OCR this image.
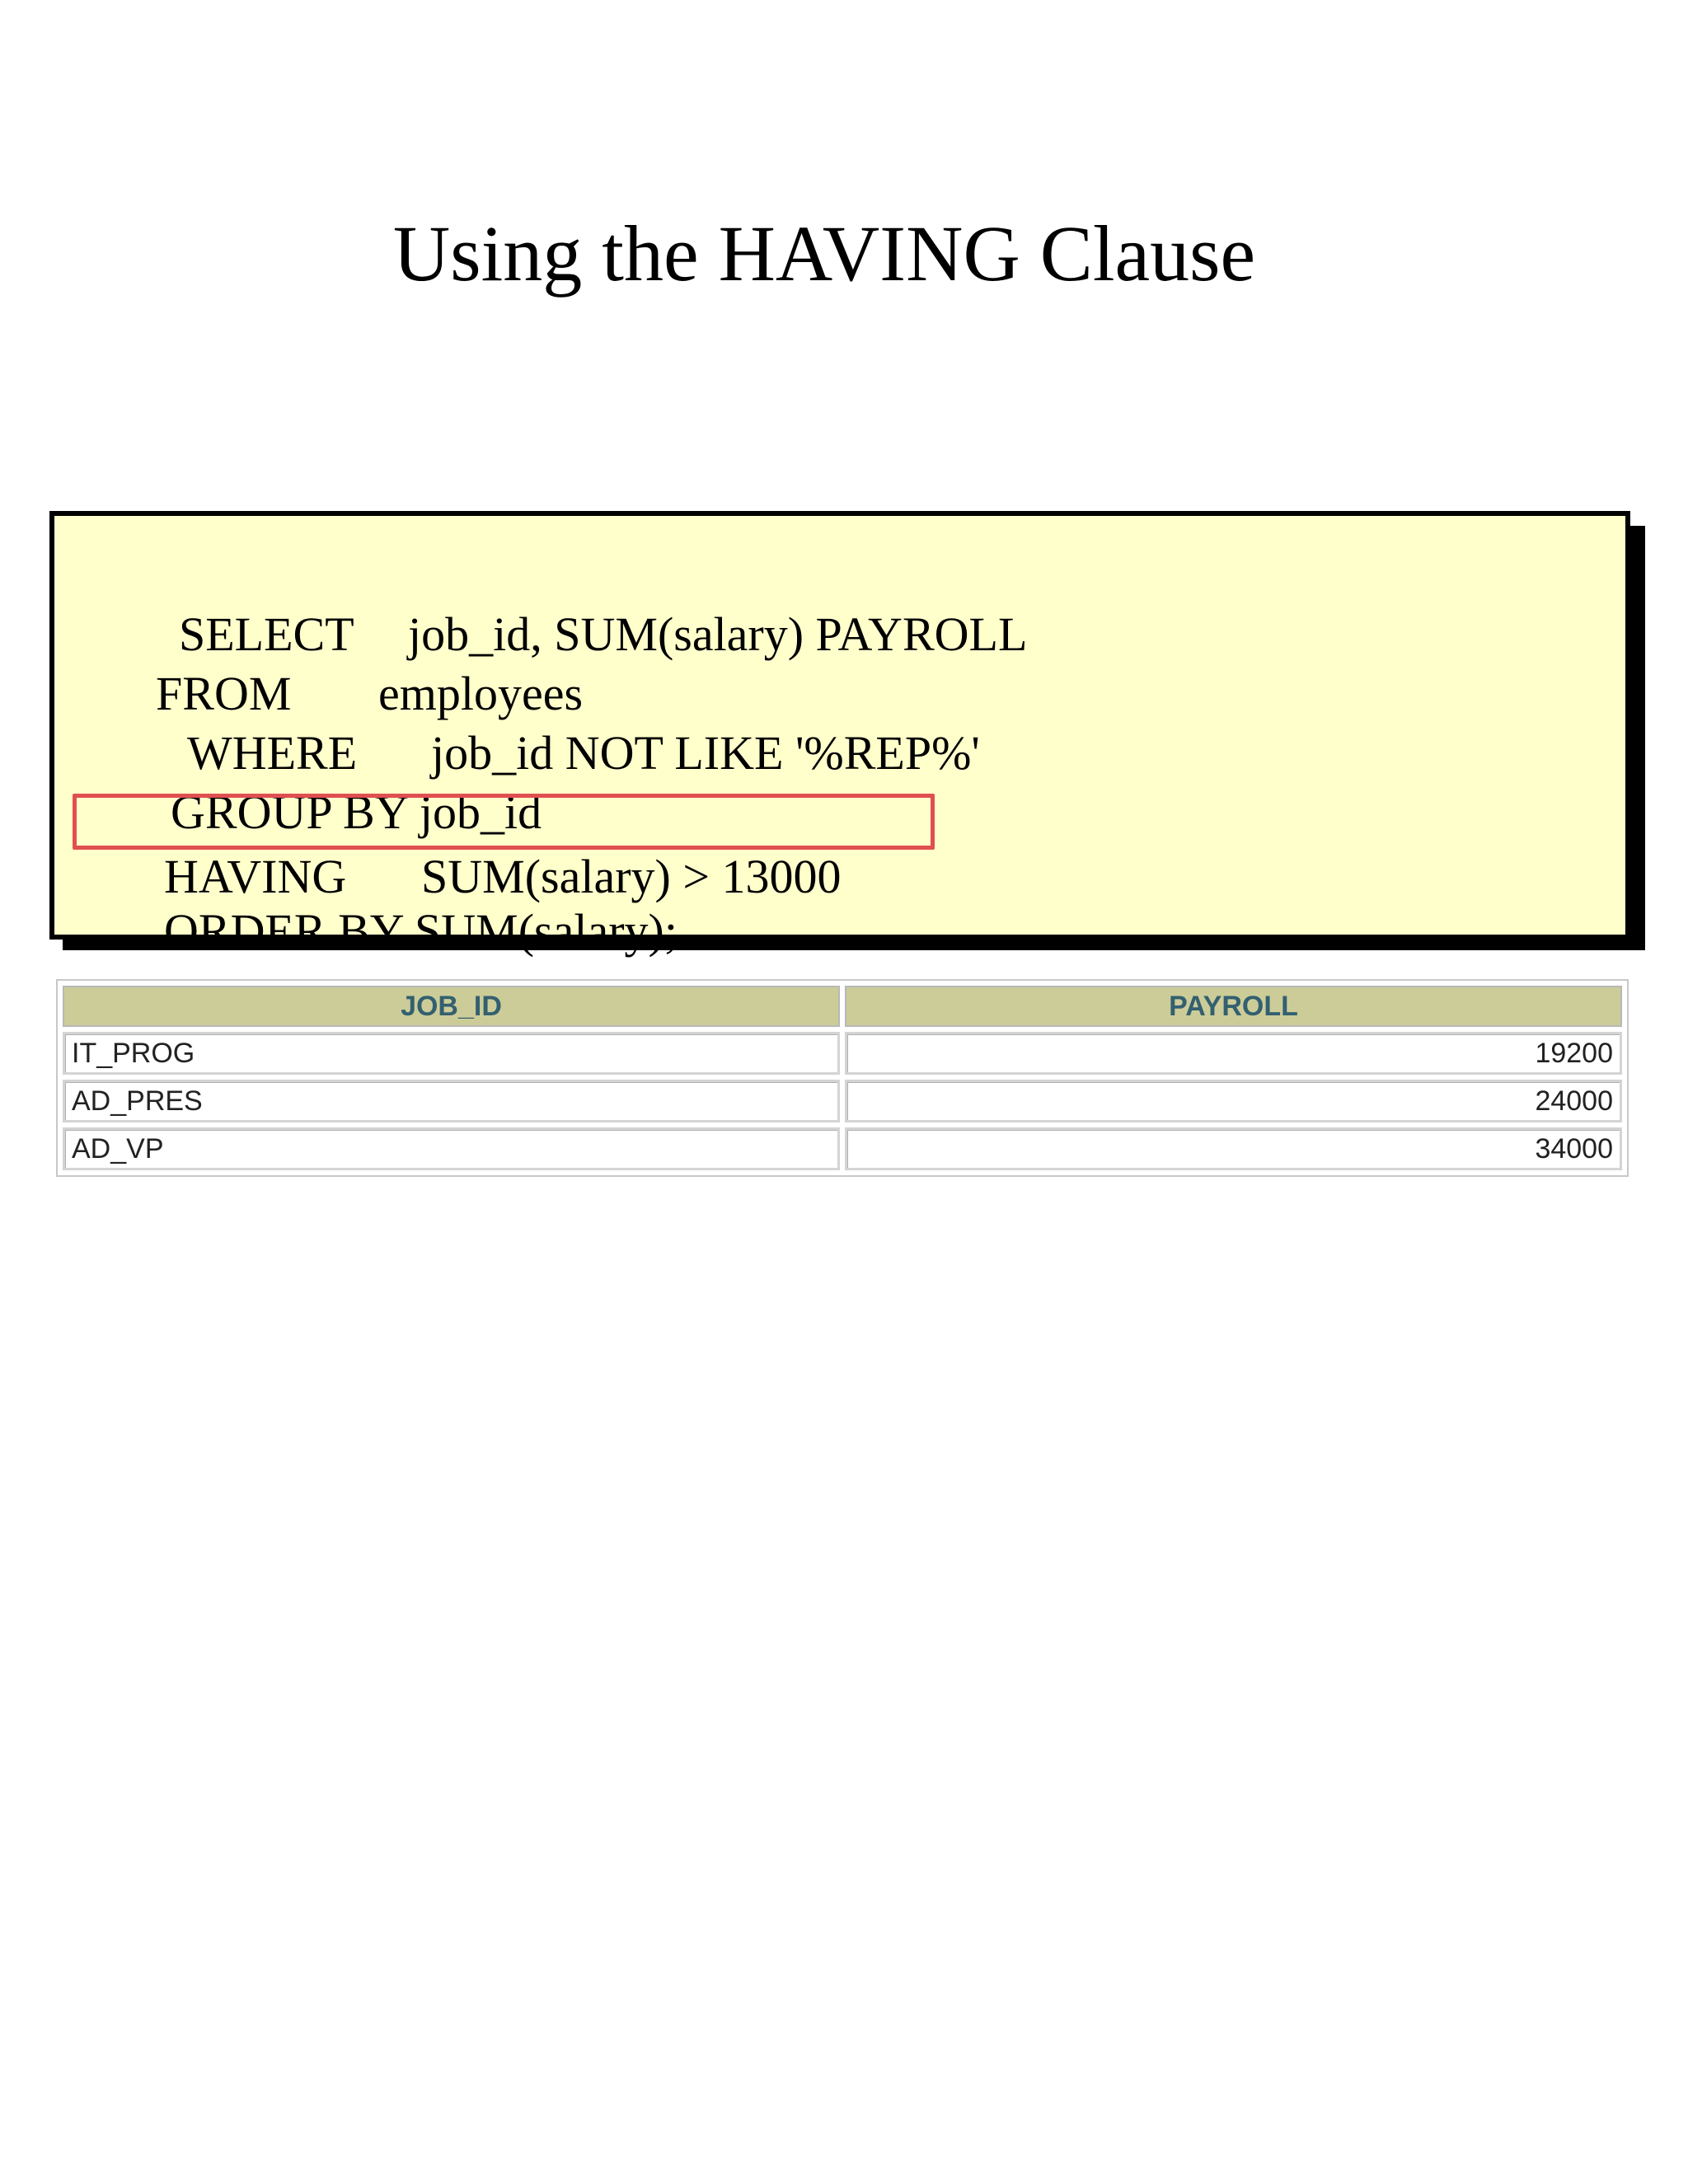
Using the HAVING Clause

SELECT job_id, SUM(salary) PAYROLL

FROM employees

WHERE job_id NOT LIKE '%REP%'

GROUP BY job_id

HAVING SUM(salary) > 13000

ORDER BY SUM(salary);

JOB_ID	PAYROLL
IT_PROG	19200
AD_PRES	24000
AD_VP	34000
